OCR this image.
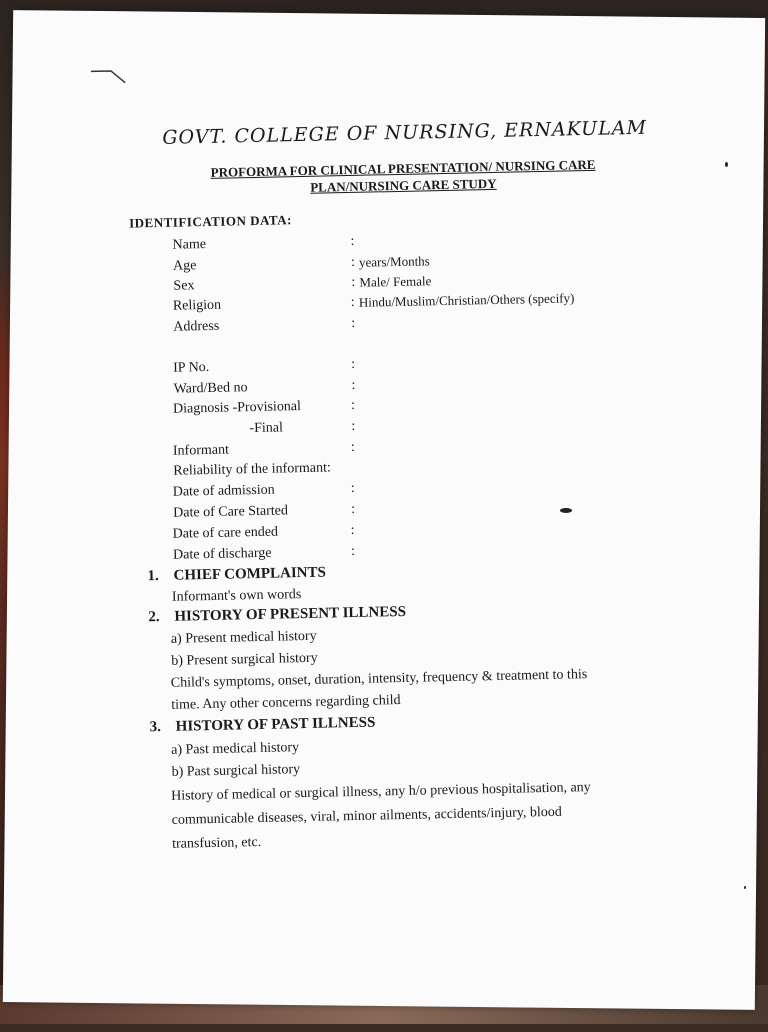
GOVT. COLLEGE OF NURSING, ERNAKULAM
PROFORMA FOR CLINICAL PRESENTATION/ NURSING CARE
PLAN/NURSING CARE STUDY
IDENTIFICATION DATA:
Name	:
Age	: years/Months
Sex	: Male/ Female
Religion	: Hindu/Muslim/Christian/Others (specify)
Address	:
IP No.	:
Ward/Bed no	:
Diagnosis -Provisional	:
-Final	:
Informant	:
Reliability of the informant:
Date of admission	:
Date of Care Started	:
Date of care ended	:
Date of discharge	:
1. CHIEF COMPLAINTS
Informant's own words
2. HISTORY OF PRESENT ILLNESS
a) Present medical history
b) Present surgical history
Child's symptoms, onset, duration, intensity, frequency & treatment to this
time. Any other concerns regarding child
3. HISTORY OF PAST ILLNESS
a) Past medical history
b) Past surgical history
History of medical or surgical illness, any h/o previous hospitalisation, any
communicable diseases, viral, minor ailments, accidents/injury, blood
transfusion, etc.
